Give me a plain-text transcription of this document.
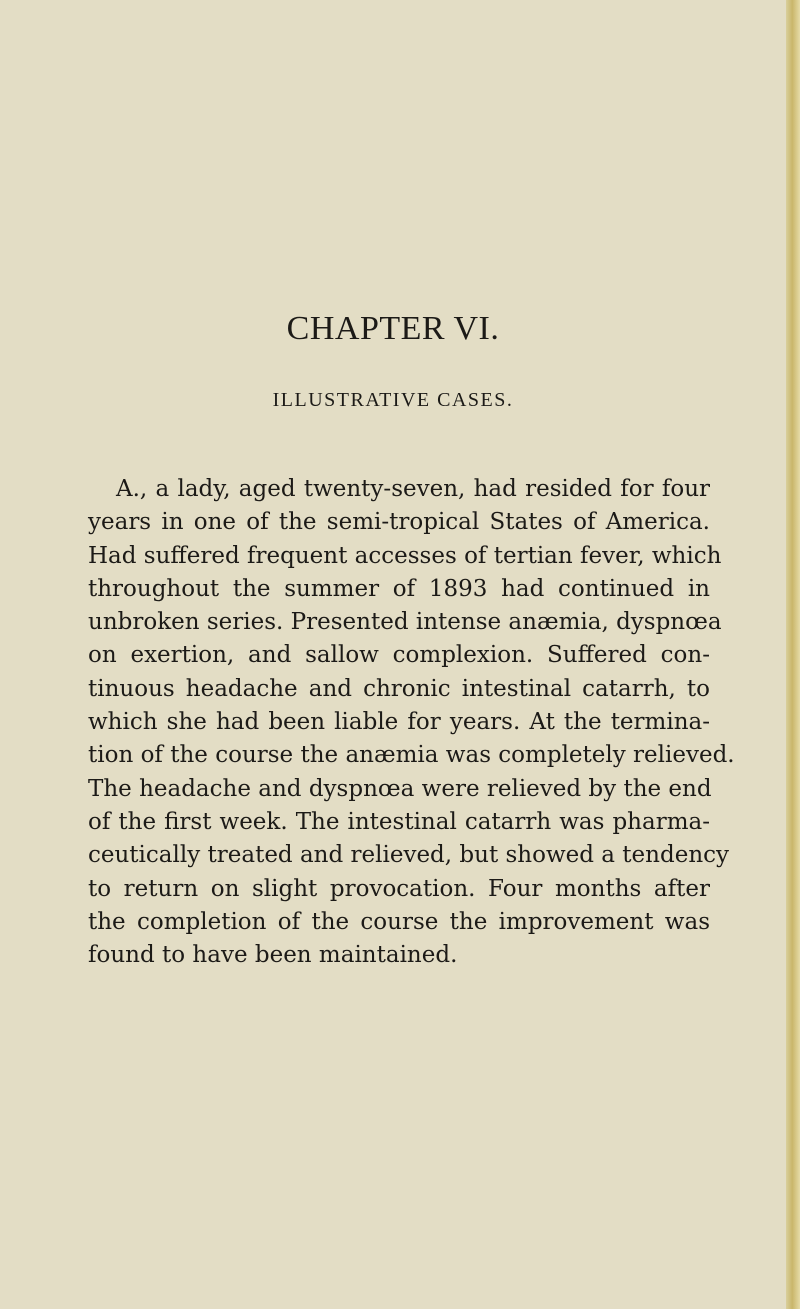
CHAPTER VI.
ILLUSTRATIVE CASES.
A., a lady, aged twenty-seven, had resided for four
years in one of the semi-tropical States of America.
Had suffered frequent accesses of tertian fever, which
throughout the summer of 1893 had continued in
unbroken series. Presented intense anæmia, dyspnœa
on exertion, and sallow complexion. Suffered con-
tinuous headache and chronic intestinal catarrh, to
which she had been liable for years. At the termina-
tion of the course the anæmia was completely relieved.
The headache and dyspnœa were relieved by the end
of the first week. The intestinal catarrh was pharma-
ceutically treated and relieved, but showed a tendency
to return on slight provocation. Four months after
the completion of the course the improvement was
found to have been maintained.
